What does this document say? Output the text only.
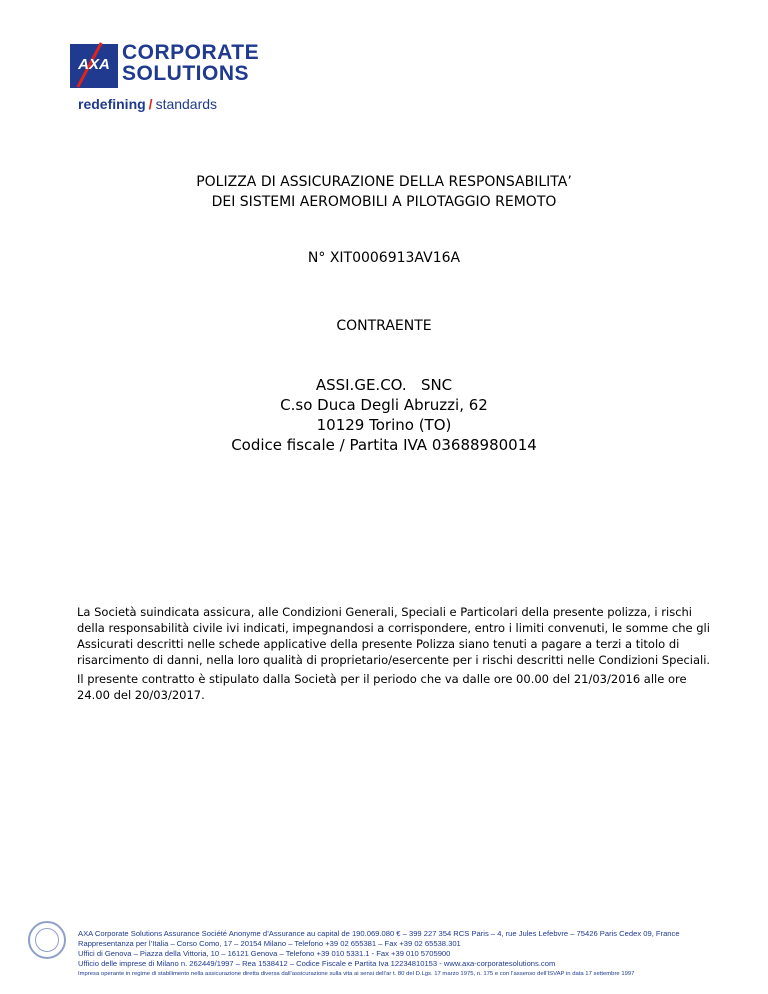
AXA
CORPORATE
SOLUTIONS
redefining / standards
POLIZZA DI ASSICURAZIONE DELLA RESPONSABILITA’
DEI SISTEMI AEROMOBILI A PILOTAGGIO REMOTO
N° XIT0006913AV16A
CONTRAENTE
ASSI.GE.CO.   SNC
C.so Duca Degli Abruzzi, 62
10129 Torino (TO)
Codice fiscale / Partita IVA 03688980014
La Società suindicata assicura, alle Condizioni Generali, Speciali e Particolari della presente polizza, i rischi della responsabilità civile ivi indicati, impegnandosi a corrispondere, entro i limiti convenuti, le somme che gli Assicurati descritti nelle schede applicative della presente Polizza siano tenuti a pagare a terzi a titolo di risarcimento di danni, nella loro qualità di proprietario/esercente per i rischi descritti nelle Condizioni Speciali.
Il presente contratto è stipulato dalla Società per il periodo che va dalle ore 00.00 del 21/03/2016 alle ore 24.00 del 20/03/2017.
AXA Corporate Solutions Assurance Société Anonyme d’Assurance au capital de 190.069.080 € – 399 227 354 RCS Paris – 4, rue Jules Lefebvre – 75426 Paris Cedex 09, France
Rappresentanza per l’Italia – Corso Como, 17 – 20154 Milano – Telefono +39 02 655381 – Fax +39 02 65538.301
Uffici di Genova – Piazza della Vittoria, 10 – 16121 Genova – Telefono +39 010 5331.1 - Fax +39 010 5705900
Ufficio delle imprese di Milano n. 262449/1997 – Rea 1538412 – Codice Fiscale e Partita Iva 12234810153 - www.axa-corporatesolutions.com
Impresa operante in regime di stabilimento nella assicurazione diretta diversa dall’assicurazione sulla vita ai sensi dell’ar t. 80 del D.Lgs. 17 marzo 1975, n. 175 e con l’assenso dell’ISVAP in data 17 settembre 1997
